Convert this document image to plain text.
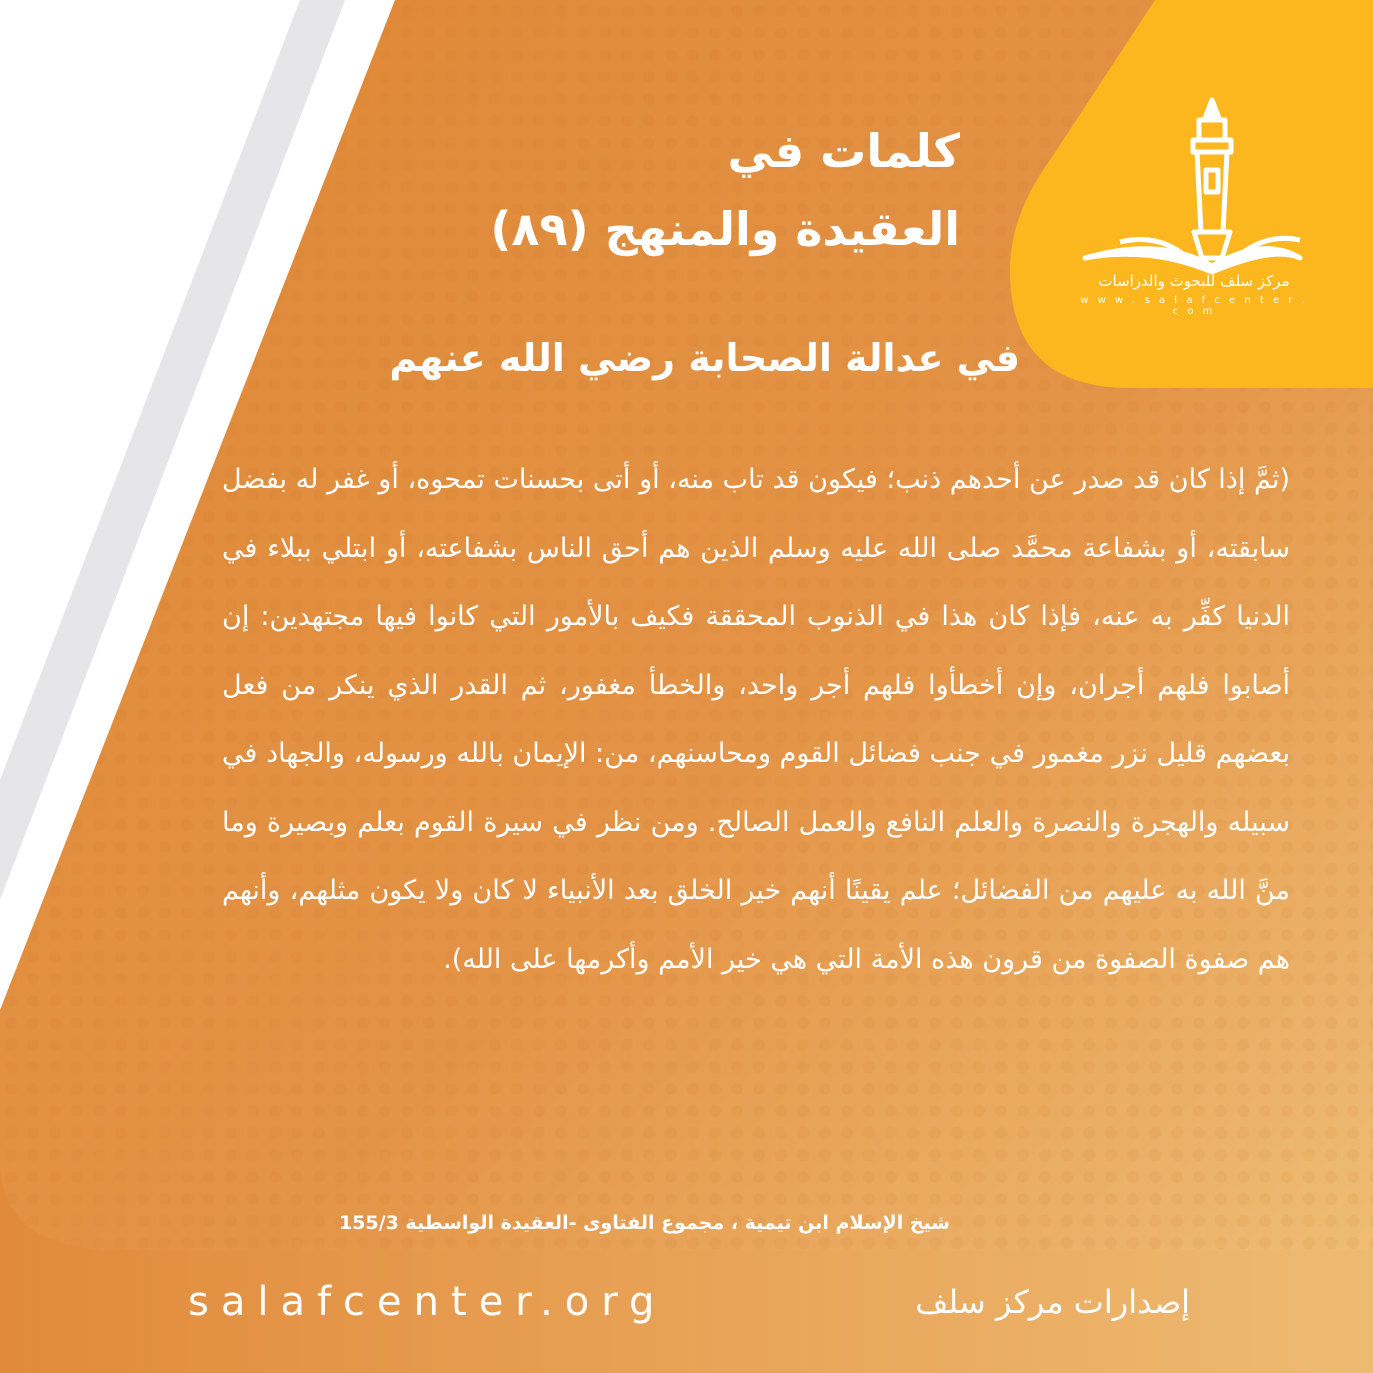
مركز سلف للبحوث والدراسات
w w w . s a l a f c e n t e r . c o m
كلمات في
العقيدة والمنهج (٨٩)
في عدالة الصحابة رضي الله عنهم

(ثمَّ إذا كان قد صدر عن أحدهم ذنب؛ فيكون قد تاب منه، أو أتى بحسنات تمحوه، أو غفر له بفضل سابقته، أو بشفاعة محمَّد صلى الله عليه وسلم الذين هم أحق الناس بشفاعته، أو ابتلي ببلاء في الدنيا كفِّر به عنه، فإذا كان هذا في الذنوب المحققة فكيف بالأمور التي كانوا فيها مجتهدين: إن أصابوا فلهم أجران، وإن أخطأوا فلهم أجر واحد، والخطأ مغفور، ثم القدر الذي ينكر من فعل بعضهم قليل نزر مغمور في جنب فضائل القوم ومحاسنهم، من: الإيمان بالله ورسوله، والجهاد في سبيله والهجرة والنصرة والعلم النافع والعمل الصالح. ومن نظر في سيرة القوم بعلم وبصيرة وما منَّ الله به عليهم من الفضائل؛ علم يقينًا أنهم خير الخلق بعد الأنبياء لا كان ولا يكون مثلهم، وأنهم هم صفوة الصفوة من قرون هذه الأمة التي هي خير الأمم وأكرمها على الله).

شيخ الإسلام ابن تيمية ، مجموع الفتاوى -العقيدة الواسطية 155/3
salafcenter.org	إصدارات مركز سلف
